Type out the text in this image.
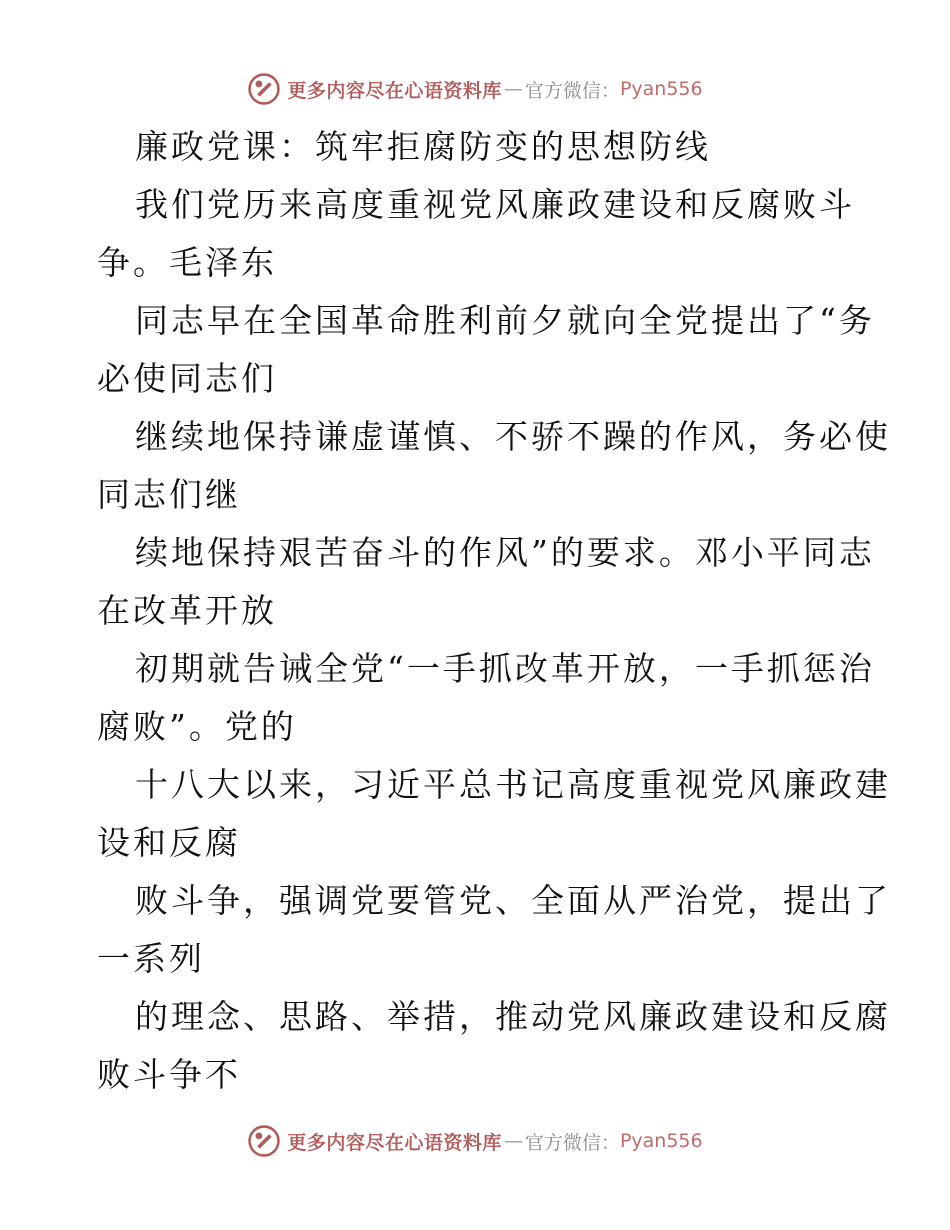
更多内容尽在心语资料库 — 官方微信： Pyan556
廉政党课：筑牢拒腐防变的思想防线
我们党历来高度重视党风廉政建设和反腐败斗
争。毛泽东
同志早在全国革命胜利前夕就向全党提出了“务
必使同志们
继续地保持谦虚谨慎、不骄不躁的作风，务必使
同志们继
续地保持艰苦奋斗的作风”的要求。邓小平同志
在改革开放
初期就告诫全党“一手抓改革开放，一手抓惩治
腐败”。党的
十八大以来，习近平总书记高度重视党风廉政建
设和反腐
败斗争，强调党要管党、全面从严治党，提出了
一系列
的理念、思路、举措，推动党风廉政建设和反腐
败斗争不
更多内容尽在心语资料库 — 官方微信： Pyan556
